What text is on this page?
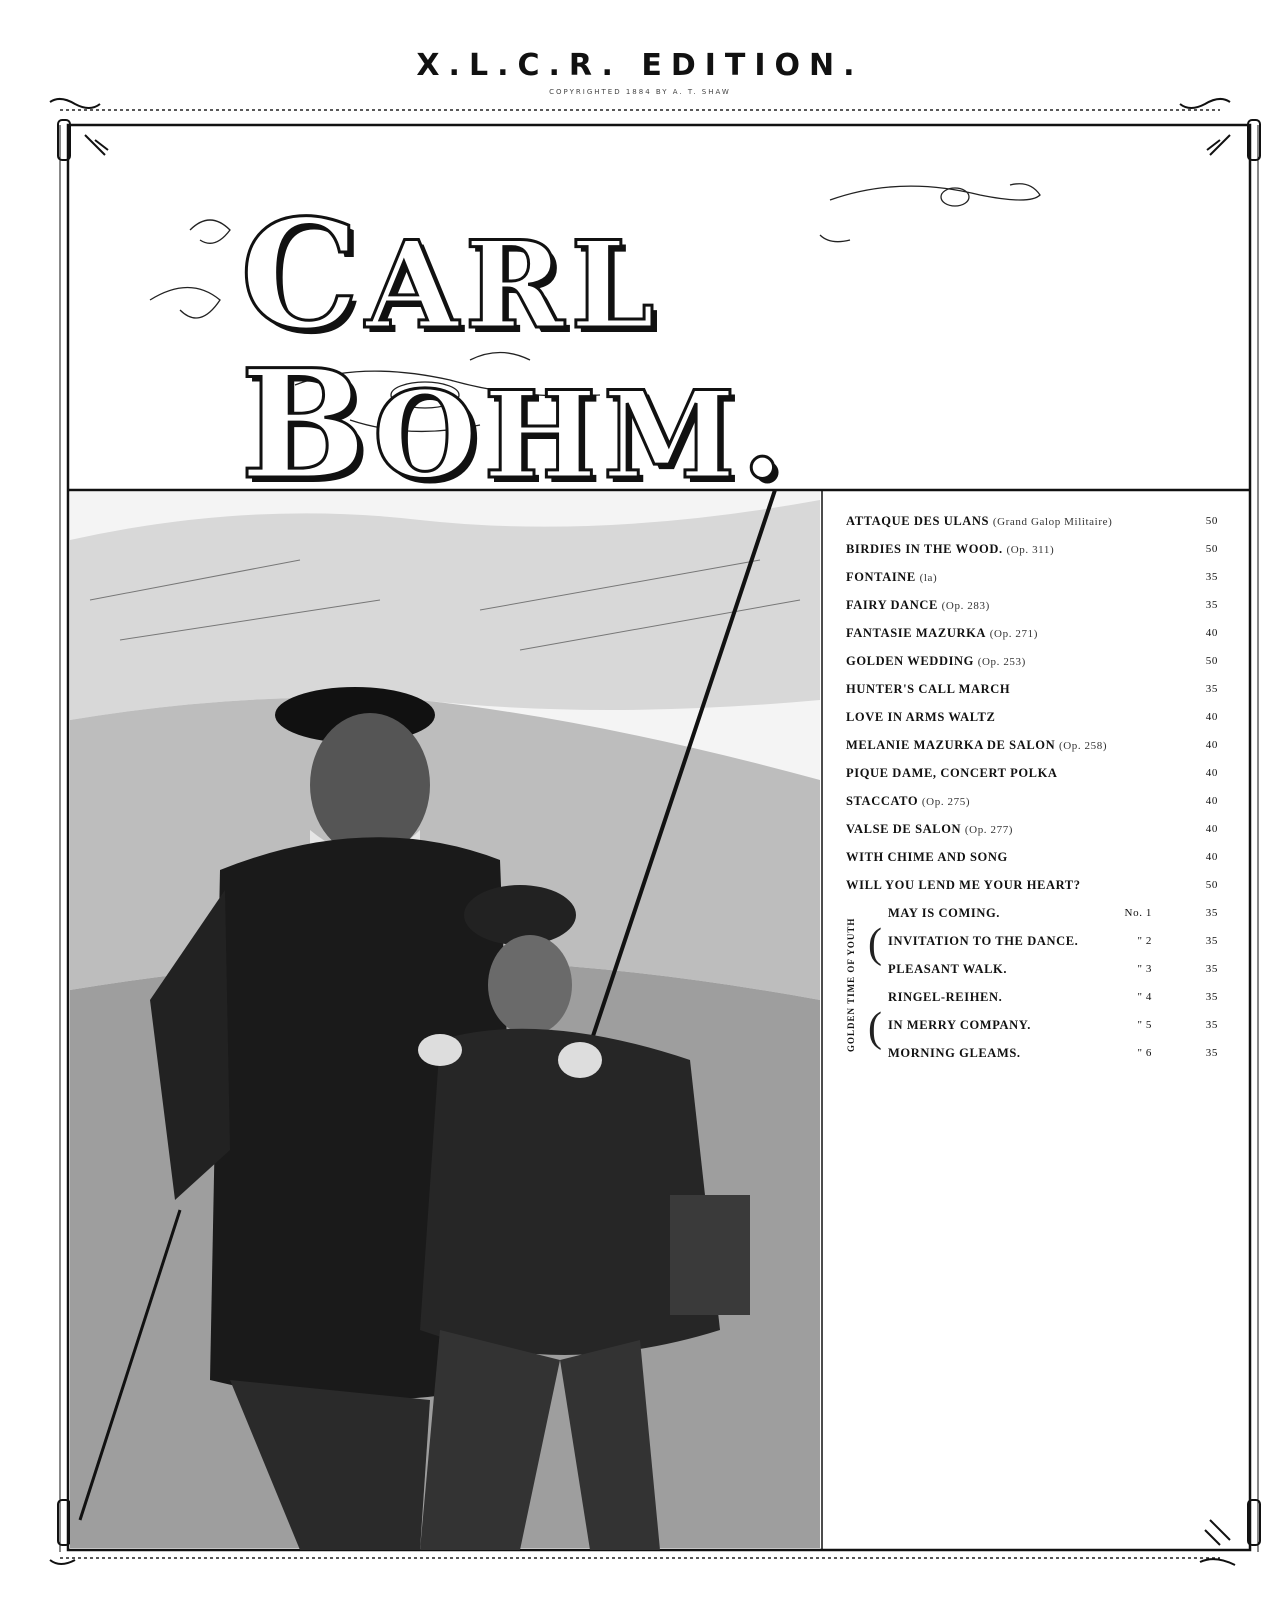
X.L.C.R. EDITION.
COPYRIGHTED 1884 BY A. T. SHAW
CARL BOHM.
ATTAQUE DES ULANS (Grand Galop Militaire)	50
BIRDIES IN THE WOOD. (Op. 311)	50
FONTAINE (la)	35
FAIRY DANCE (Op. 283)	35
FANTASIE MAZURKA (Op. 271)	40
GOLDEN WEDDING (Op. 253)	50
HUNTER'S CALL MARCH	35
LOVE IN ARMS WALTZ	40
MELANIE MAZURKA DE SALON (Op. 258)	40
PIQUE DAME, CONCERT POLKA	40
STACCATO (Op. 275)	40
VALSE DE SALON (Op. 277)	40
WITH CHIME AND SONG	40
WILL YOU LEND ME YOUR HEART?	50
GOLDEN TIME OF YOUTH (
(
MAY IS COMING.	No. 1	35
INVITATION TO THE DANCE.	" 2	35
PLEASANT WALK.	" 3	35
RINGEL-REIHEN.	" 4	35
IN MERRY COMPANY.	" 5	35
MORNING GLEAMS.	" 6	35
